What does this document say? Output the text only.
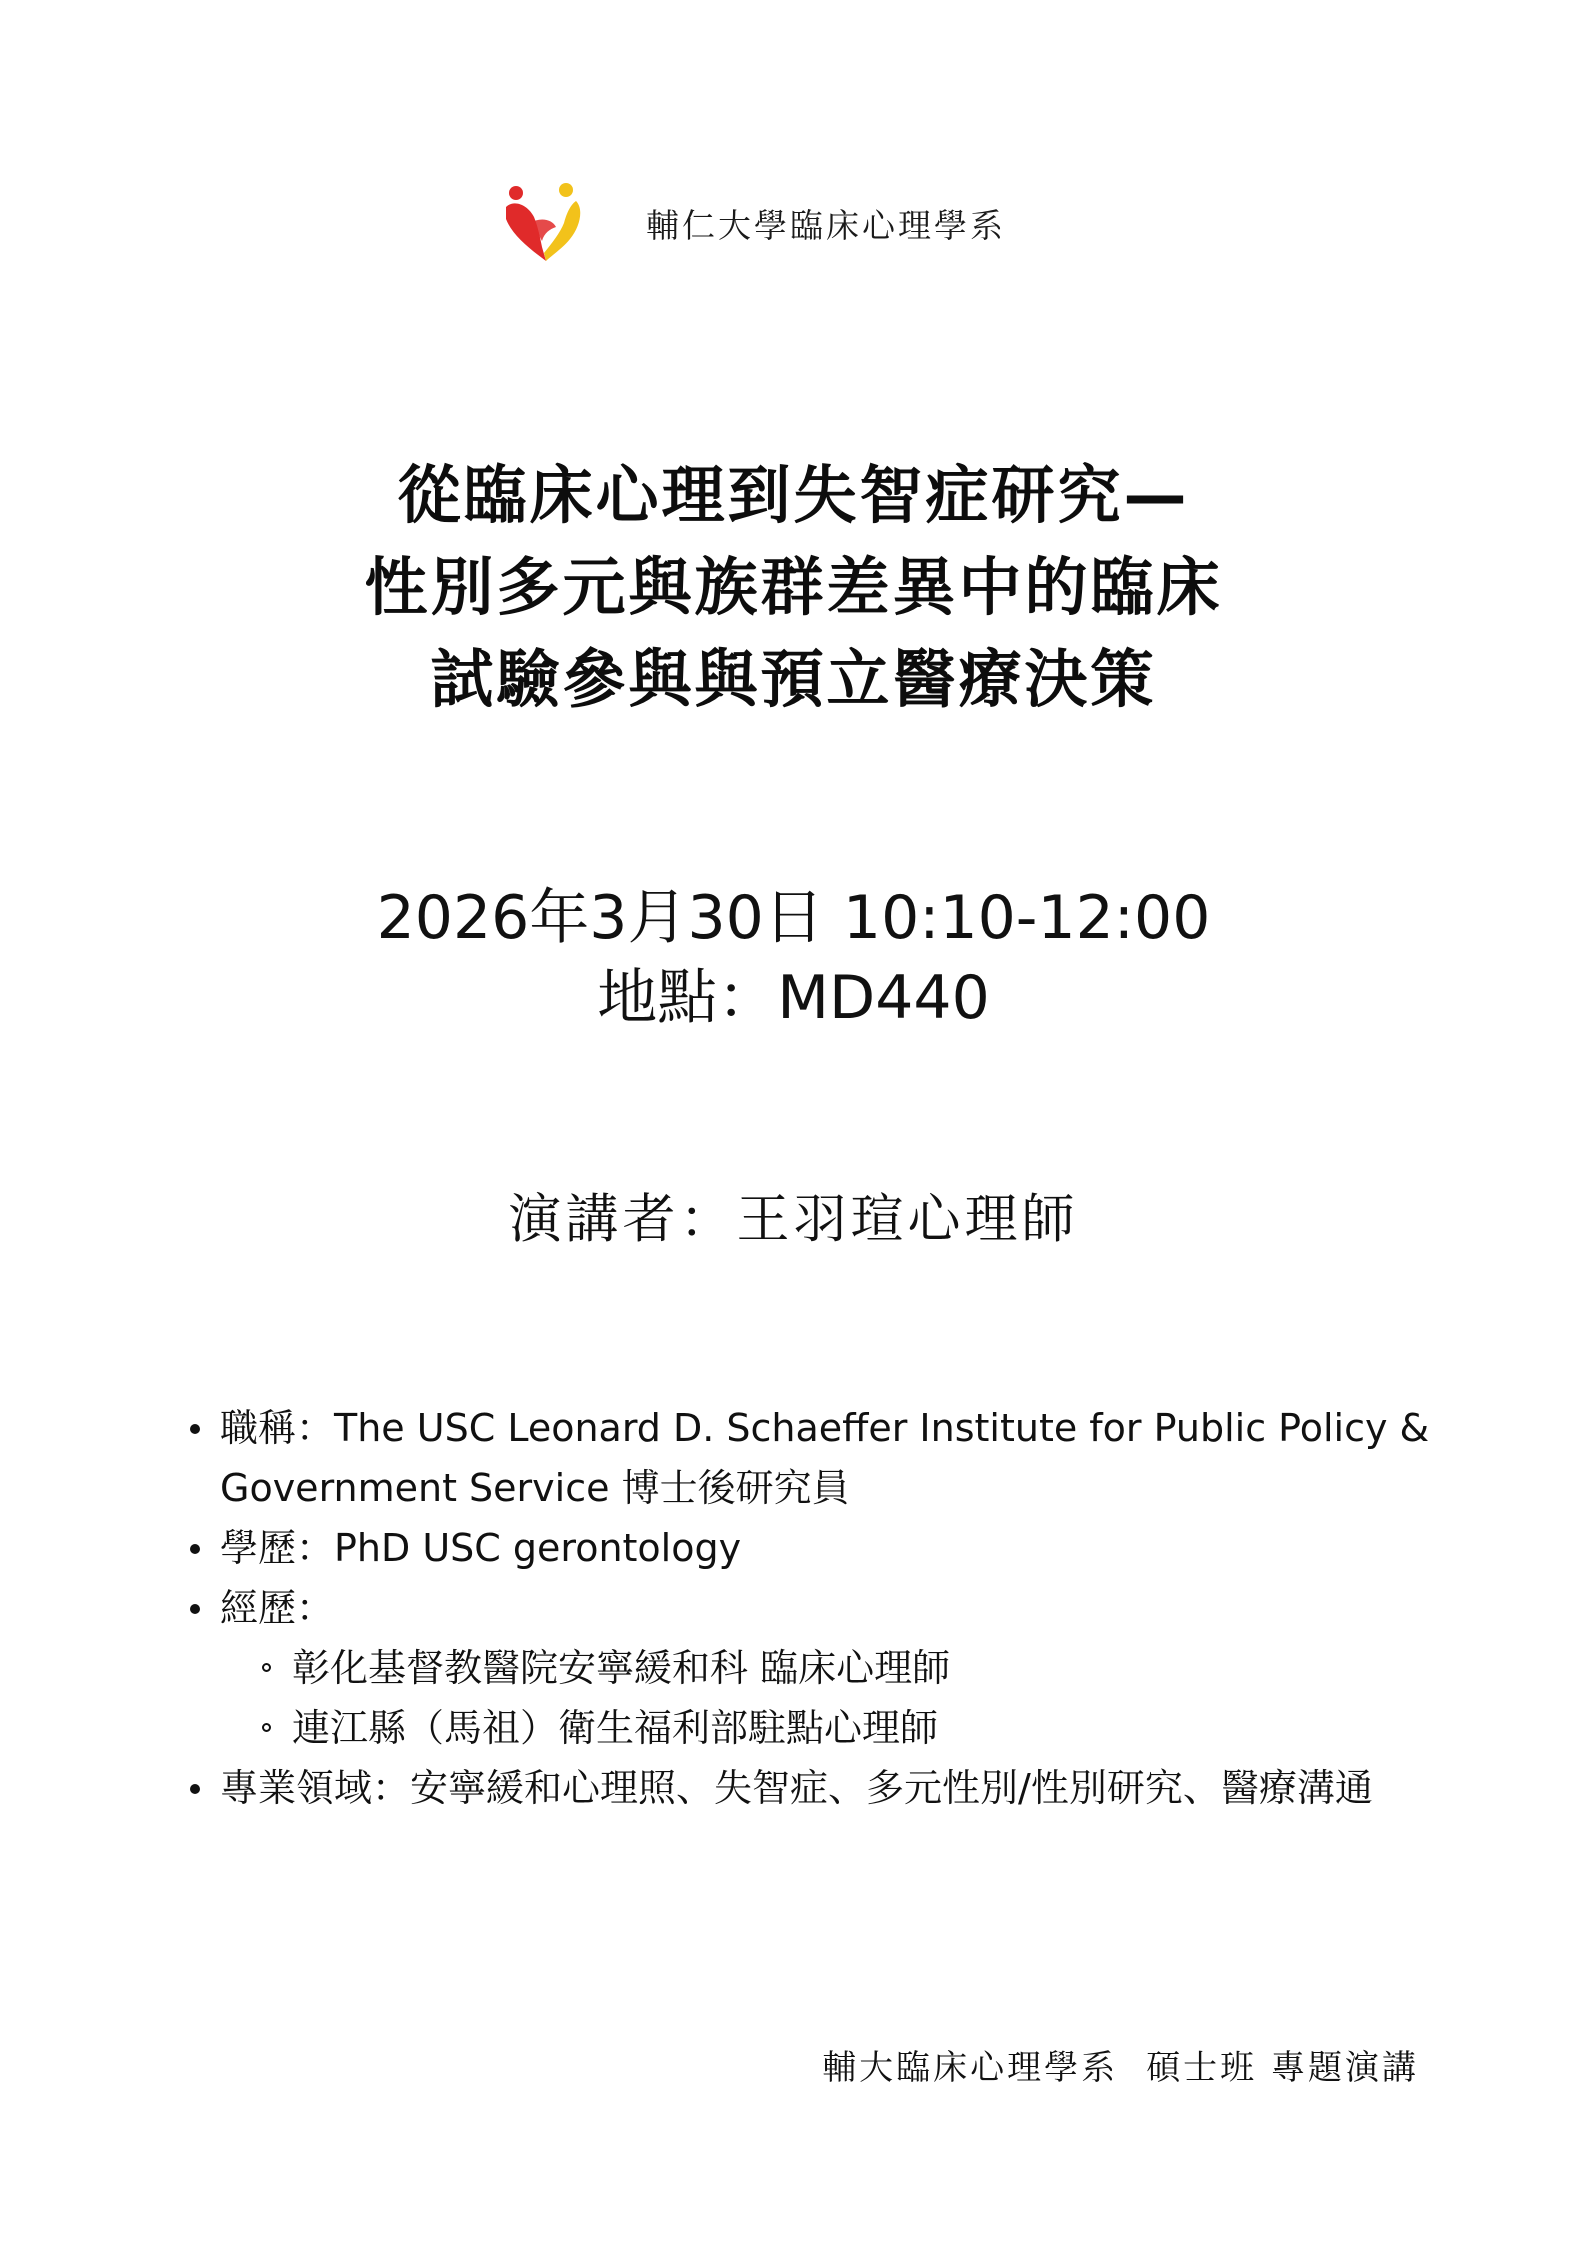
輔仁大學臨床心理學系
從臨床心理到失智症研究—
性別多元與族群差異中的臨床
試驗參與與預立醫療決策
2026年3月30日 10:10-12:00
地點：MD440
演講者：王羽瑄心理師
職稱：The USC Leonard D. Schaeffer Institute for Public Policy & Government Service 博士後研究員
學歷：PhD USC gerontology
經歷：
彰化基督教醫院安寧緩和科 臨床心理師
連江縣（馬祖）衛生福利部駐點心理師
專業領域：安寧緩和心理照、失智症、多元性別/性別研究、醫療溝通
輔大臨床心理學系 碩士班 專題演講
